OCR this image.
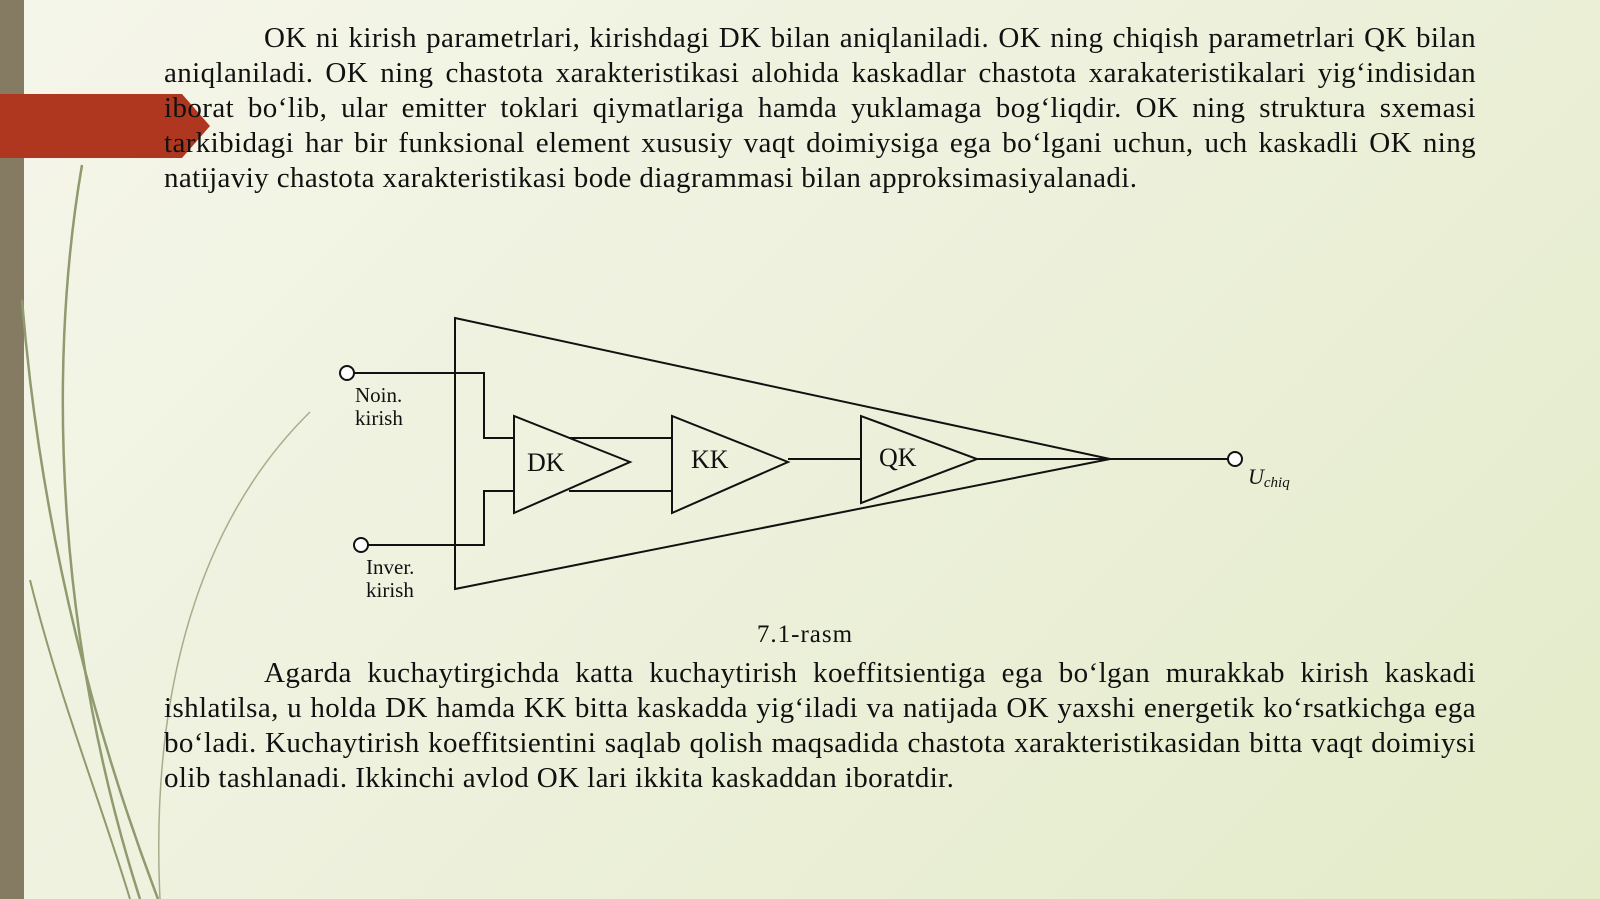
OK ni kirish parametrlari, kirishdagi DK bilan aniqlaniladi. OK ning chiqish parametrlari QK bilan aniqlaniladi. OK ning chastota xarakteristikasi alohida kaskadlar chastota xarakateristikalari yig‘indisidan iborat bo‘lib, ular emitter toklari qiymatlariga hamda yuklamaga bog‘liqdir. OK ning struktura sxemasi tarkibidagi har bir funksional element xususiy vaqt doimiysiga ega bo‘lgani uchun, uch kaskadli OK ning natijaviy chastota xarakteristikasi bode diagrammasi bilan approksimasiyalanadi.

Noin.
kirish
Inver.
kirish
DK	KK	QK
Uchiq
7.1-rasm

Agarda kuchaytirgichda katta kuchaytirish koeffitsientiga ega bo‘lgan murakkab kirish kaskadi ishlatilsa, u holda DK hamda KK bitta kaskadda yig‘iladi va natijada OK yaxshi energetik ko‘rsatkichga ega bo‘ladi. Kuchaytirish koeffitsientini saqlab qolish maqsadida chastota xarakteristikasidan bitta vaqt doimiysi olib tashlanadi. Ikkinchi avlod OK lari ikkita kaskaddan iboratdir.
